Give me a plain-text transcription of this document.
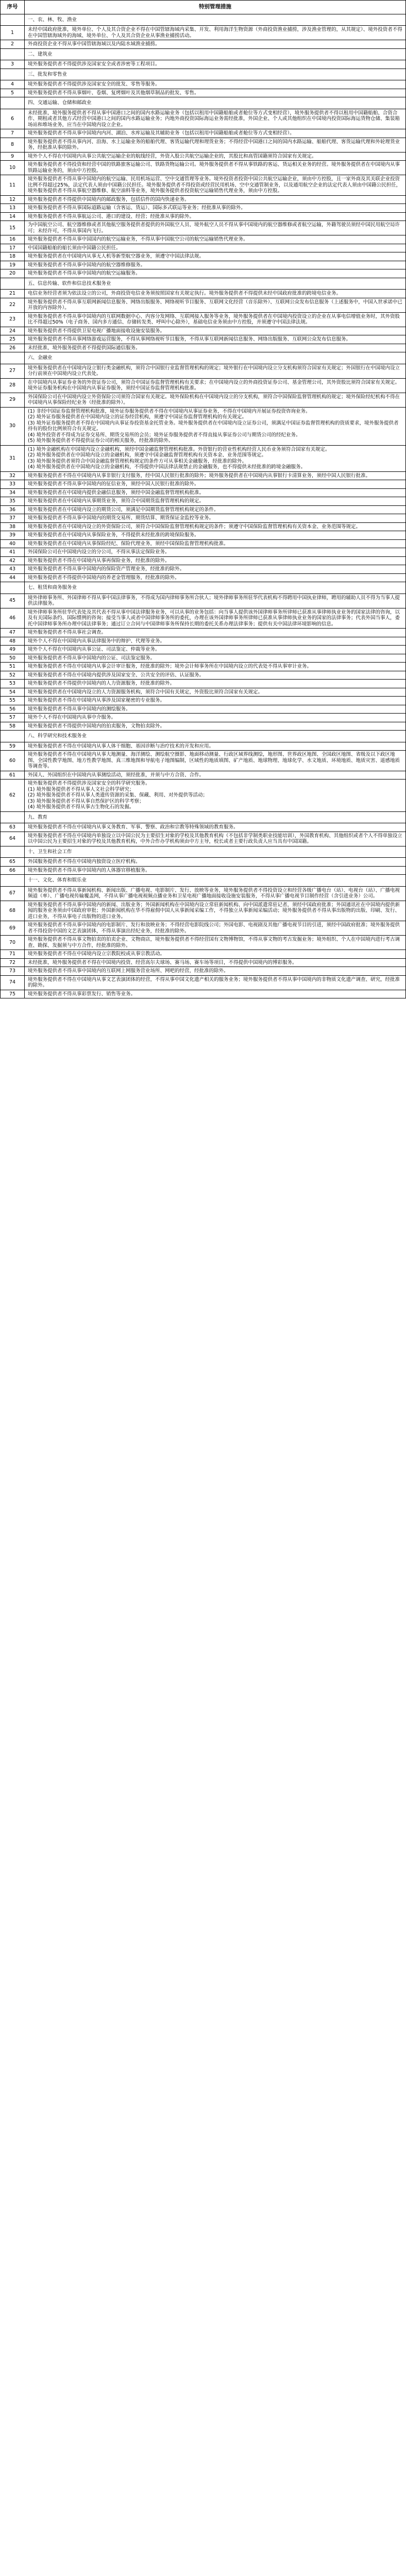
序号	特别管理措施
一、农、林、牧、渔业
1
未经中国政府批准，境外单位、个人及其合资企业不得在中国管辖海域内采集、开发、利用海洋生物资源（外商投资渔业捕捞，涉及渔业管理的，从其规定）、境外投资者不得在中国管辖海域外的海域、境外单位、个人及其合资企业从事渔业捕捞活动。
2	外商投资企业不得从事中国管辖海域以及内陆水域渔业捕捞。
二、建筑业
3	境外服务提供者不得提供涉及国家安全或者涉密等工程项目。
三、批发和零售业
4	境外服务提供者不得提供涉及国家安全的批发、零售等服务。
5	境外服务提供者不得从事烟叶、卷烟、复烤烟叶及其他烟草制品的批发、零售。
四、交通运输、仓储和邮政业
6
未经批准，境外服务提供者不得从事中国港口之间的国内水路运输业务（包括以租用中国籍船舶或者舱位等方式变相经营），境外服务提供者不得以租用中国籍船舶、合资合作、期租或者其他方式经营中国港口之间的国内水路运输业务；内地外商投资国际海运业务需经批准，外国企业、个人或其他组织在中国境内投资国际海运货物仓储、集装箱场站和堆场业务，应当在中国境内设立企业。
7	境外服务提供者不得从事中国境内内河、湖泊、水库运输及其辅助业务（包括以租用中国籍船舶或者舱位等方式变相经营）。
8
境外服务提供者不得从事内河、沿海、水上运输业务的船舶代理、客货运输代理和理货业务；不得经营中国港口之间的国内水路运输、船舶代理、客货运输代理和外轮理货业务，经批准从事的除外。
9	境外个人不得在中国境内从事公共航空运输企业的航线经营，外资入股公共航空运输企业的，其股比和高管国籍须符合国家有关规定。
10
境外服务提供者不得投资和经营中国的铁路旅客运输公司、铁路货物运输公司。境外服务提供者不得从事铁路的客运、货运相关业务的经营。境外服务提供者在中国境内从事铁路运输业务的，须由中方控股。
11
境外服务提供者不得从事中国境内的航空运输、民用机场运营、空中交通管理等业务。境外投资者投资中国公共航空运输企业，须由中方控股，且一家外商及其关联企业投资比例不得超过25%，法定代表人须由中国籍公民担任。境外服务提供者不得投资或经营民用机场、空中交通管制业务，以及通用航空企业的法定代表人须由中国籍公民担任，境外服务提供者不得从事航空器维修、航空油料等业务，境外服务提供者投资航空运输销售代理业务，须由中方控股。
12	境外服务提供者不得提供中国境内的邮政服务，包括信件的国内快递业务。
13	境外服务提供者不得从事国际道路运输（含客运、货运）、国际多式联运等业务；经批准从事的除外。
14	境外服务提供者不得从事航运公司、港口的建设、经营；经批准从事的除外。
15
为中国航空公司、航空器维修或者其他航空服务提供者提供的外国航空人员、境外航空人员不得从事中国境内的航空器维修或者航空运输，外籍驾驶员须经中国民用航空局许可；未经许可，不得从事国内飞行。
16	境外服务提供者不得从事中国国内的航空运输业务，不得从事中国航空公司的航空运输销售代理业务。
17	中国国籍船舶的船长须由中国籍公民担任。
18	境外服务提供者在中国境内从事无人机等新型航空器业务，须遵守中国法律法规。
19	境外服务提供者不得从事中国境内的航空器维修服务。
20	境外服务提供者不得从事中国境内的航空运输服务。
五、信息传输、软件和信息技术服务业
21	电信业务经营者须为依法设立的公司，外商投资电信业务须按照国家有关规定执行。境外服务提供者不得提供未经中国政府批准的跨境电信业务。
22
境外服务提供者不得从事互联网新闻信息服务、网络出版服务、网络视听节目服务、互联网文化经营（音乐除外）、互联网公众发布信息服务（上述服务中，中国入世承诺中已开放的内容除外）。
23
境外服务提供者不得从事中国境内的互联网数据中心、内容分发网络、互联网接入服务等业务，境外服务提供者在中国境内投资设立的企业在从事电信增值业务时，其外资股比不得超过50%（电子商务、国内多方通信、存储转发类、呼叫中心除外），基础电信业务须由中方控股，并须遵守中国法律法规。
24	境外服务提供者不得提供卫星电视广播地面接收设施安装服务。
25	境外服务提供者不得从事网络游戏运营服务，不得从事网络视听节目服务，不得从事互联网新闻信息服务、网络出版服务、互联网公众发布信息服务。
26	未经批准，境外服务提供者不得提供国际通信服务。
六、金融业
27
境外服务提供者在中国境内设立银行类金融机构，须符合中国银行业监督管理机构的规定；境外银行在中国境内设立分支机构须符合国家有关规定；外国银行在中国境内设立分行前须在中国境内设立代表处。
28
在中国境内从事证券业务的外资证券公司，须符合中国证券监督管理机构有关要求；在中国境内设立的外商投资证券公司、基金管理公司，其外资股比须符合国家有关规定。境外证券服务机构在中国境内从事证券服务，须经中国证券监督管理机构批准。
29
外国保险公司在中国境内设立外资保险公司须符合国家有关规定。境外保险机构在中国境内设立的分支机构，须符合中国保险监督管理机构的规定；境外保险经纪机构不得在中国境内从事保险经纪业务（经批准的除外）。
30
(1) 非经中国证券监督管理机构批准，境外证券服务提供者不得在中国境内从事证券业务，不得在中国境内开展证券投资咨询业务。
(2) 境外证券服务提供者在中国境内设立的证券经营机构，须遵守中国证券监督管理机构的有关规定。
(3) 境外证券服务提供者不得在中国境内从事证券投资基金托管业务。境外服务提供者在中国境内设立证券公司，须满足中国证券监督管理机构的资质要求，境外服务提供者持有的股份比例须符合有关规定。
(4) 境外投资者不得成为证券交易所、期货交易所的会员；境外证券服务提供者不得直接从事证券公司与期货公司的经纪业务。
(5) 境外服务提供者不得提供证券公司的相关服务，经批准的除外。
31
(1) 境外金融机构在中国境内设立金融机构，须经中国金融监督管理机构批准。外资银行的营业性机构经营人民币业务须符合国家有关规定。
(2) 境外服务提供者在中国境内设立的金融机构，须遵守中国金融监督管理机构有关资本金、业务范围等规定。
(3) 境外服务提供者须符合中国金融监督管理机构规定的条件方可从事相关金融服务，经批准的除外。
(4) 境外服务提供者在中国境内设立的金融机构，不得提供中国法律法规禁止的金融服务，也不得提供未经批准的跨境金融服务。
32	境外服务提供者不得在中国境内从事非银行支付服务，经中国人民银行批准的除外；境外服务提供者在中国境内从事银行卡清算业务，须经中国人民银行批准。
33	境外服务提供者不得从事中国境内的征信业务，须经中国人民银行批准的除外。
34	境外服务提供者在中国境内提供金融信息服务，须经中国金融监督管理机构批准。
35	境外服务提供者在中国境内从事期货业务，须符合中国期货监督管理机构的规定。
36	境外服务提供者在中国境内设立的期货公司，须满足中国期货监督管理机构规定的条件。
37	境外服务提供者不得从事中国境内的期货交易所、期货结算、期货保证金监控等业务。
38	境外服务提供者在中国境内设立的外资保险公司，须符合中国保险监督管理机构规定的条件；须遵守中国保险监督管理机构有关资本金、业务范围等规定。
39	境外服务提供者在中国境内从事保险业务，不得提供未经批准的跨境保险服务。
40	境外服务提供者在中国境内从事保险经纪、保险代理业务，须经中国保险监督管理机构批准。
41	外国保险公司在中国境内设立的分公司，不得从事法定保险业务。
42	境外服务提供者不得在中国境内从事再保险业务，经批准的除外。
43	境外服务提供者不得从事中国境内的保险资产管理业务，经批准的除外。
44	境外服务提供者不得提供中国境内的养老金管理服务，经批准的除外。
七、租赁和商务服务业
45
境外律师事务所、外国律师不得从事中国法律事务，不得成为国内律师事务所合伙人；境外律师事务所驻华代表机构不得聘用中国执业律师，聘用的辅助人员不得为当事人提供法律服务。
46
境外律师事务所驻华代表处及其代表不得从事中国法律服务业务，可以从事的业务包括：向当事人提供该外国律师事务所律师已获准从事律师执业业务的国家法律的咨询，以及有关国际条约、国际惯例的咨询；接受当事人或者中国律师事务所的委托，办理在该外国律师事务所律师已获准从事律师执业业务的国家的法律事务；代表外国当事人，委托中国律师事务所办理中国法律事务；通过订立合同与中国律师事务所保持长期的委托关系办理法律事务；提供有关中国法律环境影响的信息。
47	境外服务提供者不得从事社会调查。
48	境外个人不得在中国境内从事法律服务中的辩护、代理等业务。
49	境外个人不得在中国境内从事公证、司法鉴定、仲裁等业务。
50	境外服务提供者不得从事中国境内的公证、司法鉴定服务。
51	境外服务提供者不得在中国境内从事会计审计服务，经批准的除外；境外会计师事务所在中国境内设立的代表处不得从事审计业务。
52	境外服务提供者不得在中国境内提供涉及国家安全、公共安全的评估、认证服务。
53	境外服务提供者不得提供中国境内的人力资源服务，经批准的除外。
54	境外服务提供者在中国境内设立的人力资源服务机构，须符合中国有关规定，外资股比须符合国家有关规定。
55	境外服务提供者不得在中国境内从事涉及国家秘密的专业服务。
56	境外服务提供者不得从事中国境内的测绘服务。
57	境外个人不得在中国境内从事中介服务。
58	境外服务提供者不得提供中国境内的拍卖服务，文物拍卖除外。
八、科学研究和技术服务业
59	境外服务提供者不得在中国境内从事人体干细胞、基因诊断与治疗技术的开发和应用。
60
境外服务提供者不得在中国境内从事大地测量、海洋测绘、测绘航空摄影、地面移动测量、行政区域界线测绘，地形图、世界政区地图、全国政区地图、省级及以下政区地图、全国性教学地图、地方性教学地图、真三维地图和导航电子地图编制，区域性的地质填图、矿产地质、地球物理、地球化学、水文地质、环境地质、地质灾害、遥感地质等调查等。
61	外国人、外国组织在中国境内从事测绘活动，须经批准，并须与中方合资、合作。
62
境外服务提供者不得提供涉及国家安全的科学研究服务。
(1) 境外服务提供者不得从事人文社会科学研究；
(2) 境外服务提供者不得从事人类遗传资源的采集、保藏、利用、对外提供等活动；
(3) 境外服务提供者不得从事自然保护区的科学考察；
(4) 境外服务提供者不得从事古生物化石的发掘。
九、教育
63	境外服务提供者不得在中国境内从事义务教育、军事、警察、政治和宗教等特殊领域的教育服务。
64
境外服务提供者不得在中国境内单独设立以中国公民为主要招生对象的学校及其他教育机构（不包括非学制类职业技能培训），外国教育机构、其他组织或者个人不得单独设立以中国公民为主要招生对象的学校及其他教育机构，中外合作办学机构须由中方主导，校长或者主要行政负责人应当具有中国国籍。
十、卫生和社会工作
65	外国服务提供者不得在中国境内独资设立医疗机构。
66	境外服务提供者不得从事中国境内的人体器官移植服务。
十一、文化、体育和娱乐业
67
境外服务提供者不得从事新闻机构、新闻出版、广播电视、电影制片、发行、放映等业务，境外服务提供者不得投资设立和经营各级广播电台（站）、电视台（站）、广播电视频道（率）、广播电视传输覆盖网，不得从事广播电视视频点播业务和卫星电视广播地面接收设施安装服务，不得从事广播电视节目制作经营（含引进业务）公司。
68
境外服务提供者不得从事中国境内的新闻、出版业务；外国新闻机构在中国境内设立常驻新闻机构、向中国派遣常驻记者，须经中国政府批准；外国通讯社在中国境内提供新闻的服务业务须由中国政府审批；外国新闻机构在华不得雇佣中国人从事新闻采编工作，不得独立从事新闻采编活动；境外服务提供者不得从事出版物的出版、印刷、发行、进口业务，不得从事电子出版物的进口业务。
69
境外服务提供者不得从事中国境内的电影制片、发行和放映业务；不得经营电影院线公司；外国电影、电视剧及其他广播电视节目的引进，须经中国政府批准；境外服务提供者不得投资中国的文艺表演团体，不得从事演出经纪业务，经批准的除外。
70
境外服务提供者不得从事文物拍卖的拍卖企业、文物商店，境外服务提供者不得经营国有文物博物馆，不得从事文物的考古发掘业务；境外组织、个人在中国境内进行考古调查、勘探、发掘须与中方合作，经批准的除外。
71	境外服务提供者不得在中国境内设立宗教院校或从事宗教活动。
72	未经批准，境外服务提供者不得在中国境内投资、经营高尔夫球场、赛马场、赛车场等项目，不得提供中国境内的博彩服务。
73	境外服务提供者不得从事中国境内的互联网上网服务营业场所、网吧的经营，经批准的除外。
74
境外服务提供者不得在中国境内从事文艺表演团体的经营，不得从事中国文化遗产相关的服务业务；境外服务提供者不得从事中国境内的非物质文化遗产调查、研究，经批准的除外。
75	境外服务提供者不得从事彩票发行、销售等业务。
